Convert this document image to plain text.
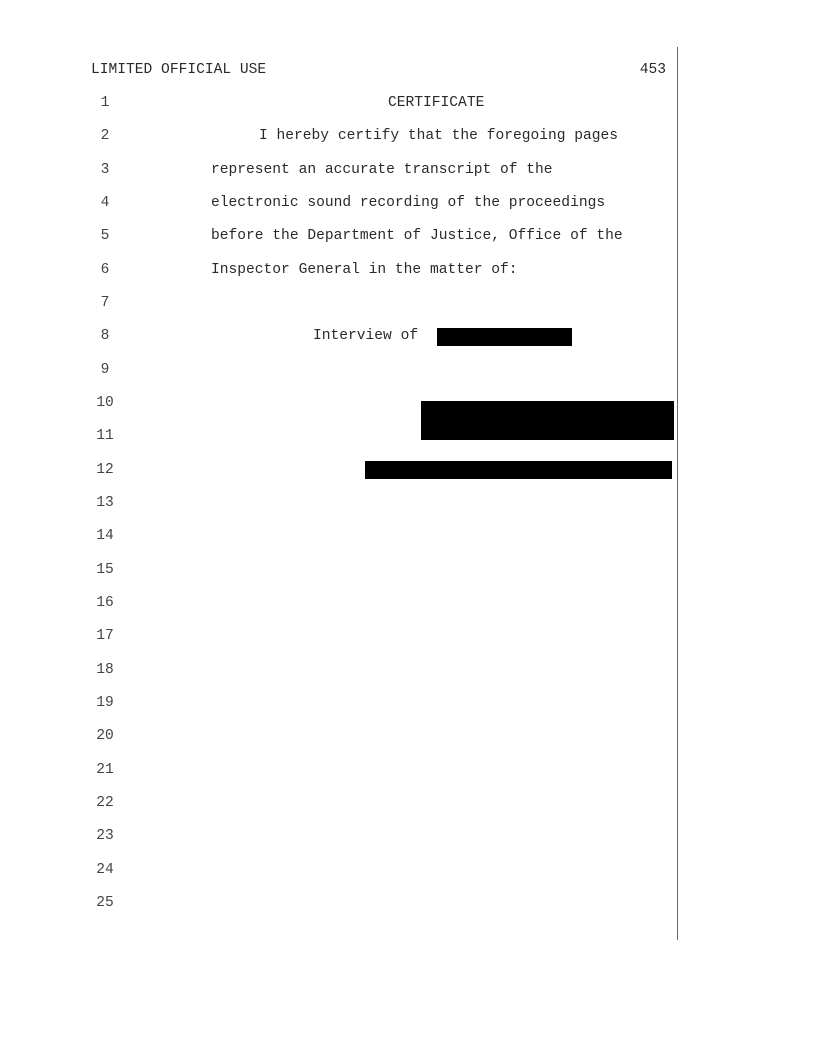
LIMITED OFFICIAL USE	453
1
2
3
4
5
6
7
8
9
10
11
12
13
14
15
16
17
18
19
20
21
22
23
24
25
CERTIFICATE
I hereby certify that the foregoing pages
represent an accurate transcript of the
electronic sound recording of the proceedings
before the Department of Justice, Office of the
Inspector General in the matter of:
Interview of
